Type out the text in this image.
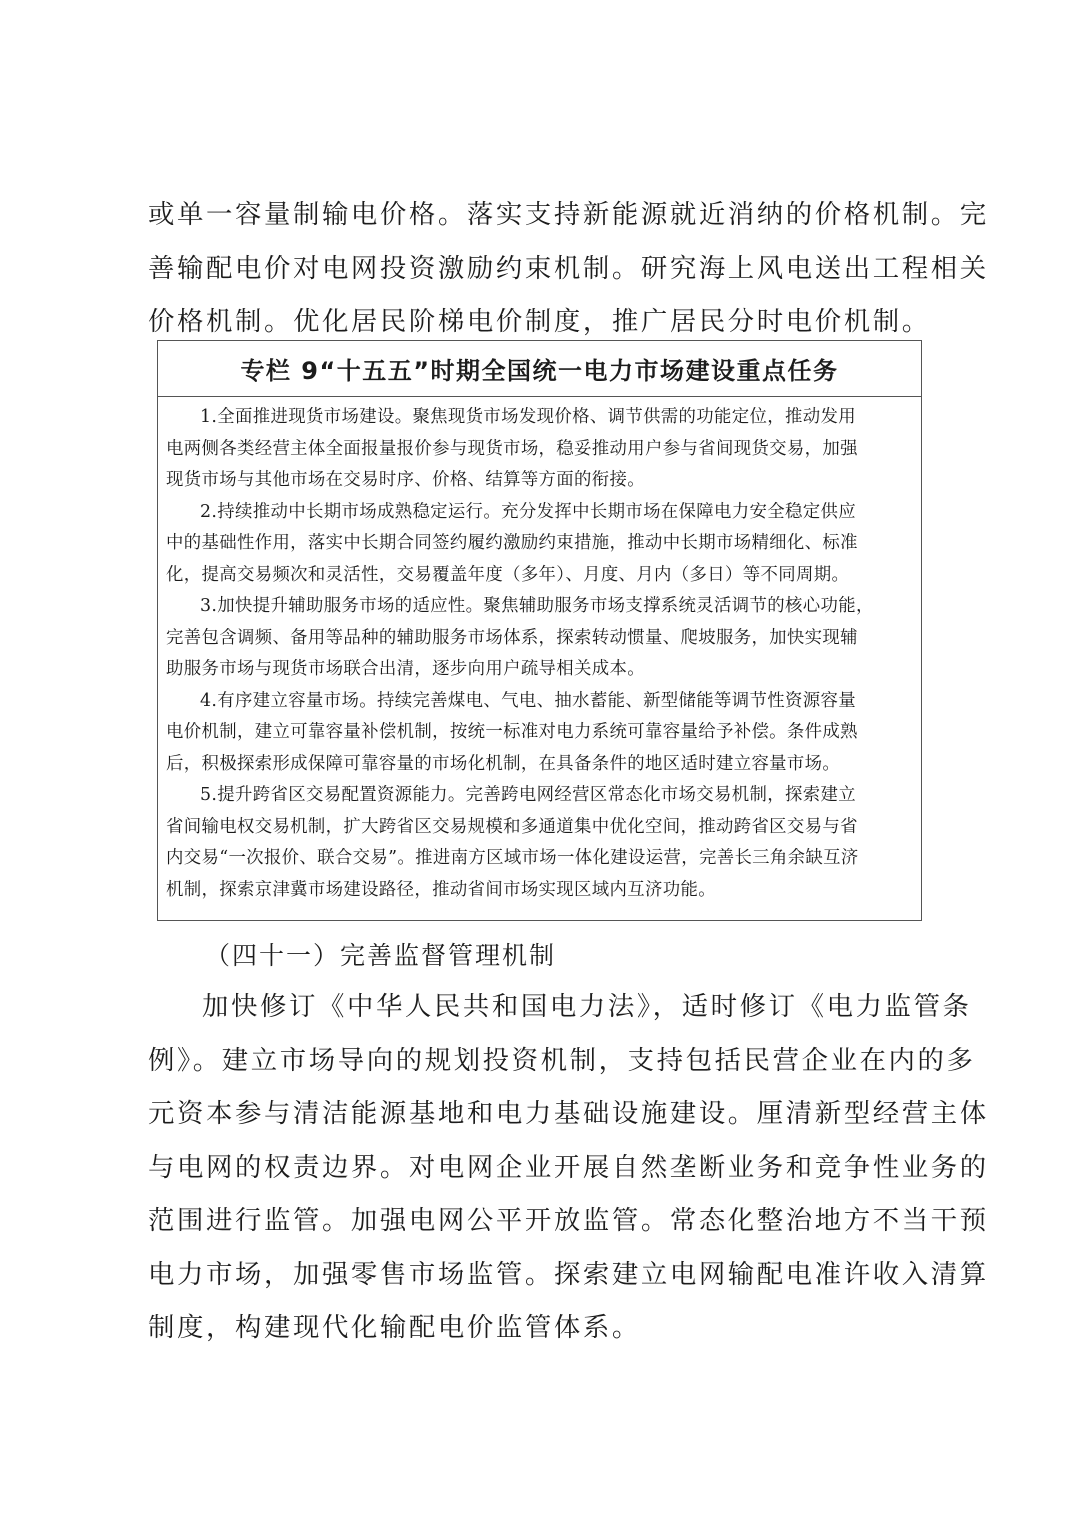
或单一容量制输电价格。落实支持新能源就近消纳的价格机制。完
善输配电价对电网投资激励约束机制。研究海上风电送出工程相关
价格机制。优化居民阶梯电价制度，推广居民分时电价机制。
专栏 9“十五五”时期全国统一电力市场建设重点任务

1.全面推进现货市场建设。聚焦现货市场发现价格、调节供需的功能定位，推动发用
电两侧各类经营主体全面报量报价参与现货市场，稳妥推动用户参与省间现货交易，加强
现货市场与其他市场在交易时序、价格、结算等方面的衔接。

2.持续推动中长期市场成熟稳定运行。充分发挥中长期市场在保障电力安全稳定供应
中的基础性作用，落实中长期合同签约履约激励约束措施，推动中长期市场精细化、标准
化，提高交易频次和灵活性，交易覆盖年度（多年）、月度、月内（多日）等不同周期。

3.加快提升辅助服务市场的适应性。聚焦辅助服务市场支撑系统灵活调节的核心功能，
完善包含调频、备用等品种的辅助服务市场体系，探索转动惯量、爬坡服务，加快实现辅
助服务市场与现货市场联合出清，逐步向用户疏导相关成本。

4.有序建立容量市场。持续完善煤电、气电、抽水蓄能、新型储能等调节性资源容量
电价机制，建立可靠容量补偿机制，按统一标准对电力系统可靠容量给予补偿。条件成熟
后，积极探索形成保障可靠容量的市场化机制，在具备条件的地区适时建立容量市场。

5.提升跨省区交易配置资源能力。完善跨电网经营区常态化市场交易机制，探索建立
省间输电权交易机制，扩大跨省区交易规模和多通道集中优化空间，推动跨省区交易与省
内交易“一次报价、联合交易”。推进南方区域市场一体化建设运营，完善长三角余缺互济
机制，探索京津冀市场建设路径，推动省间市场实现区域内互济功能。

（四十一）完善监督管理机制
加快修订《中华人民共和国电力法》，适时修订《电力监管条
例》。建立市场导向的规划投资机制，支持包括民营企业在内的多
元资本参与清洁能源基地和电力基础设施建设。厘清新型经营主体
与电网的权责边界。对电网企业开展自然垄断业务和竞争性业务的
范围进行监管。加强电网公平开放监管。常态化整治地方不当干预
电力市场，加强零售市场监管。探索建立电网输配电准许收入清算
制度，构建现代化输配电价监管体系。
